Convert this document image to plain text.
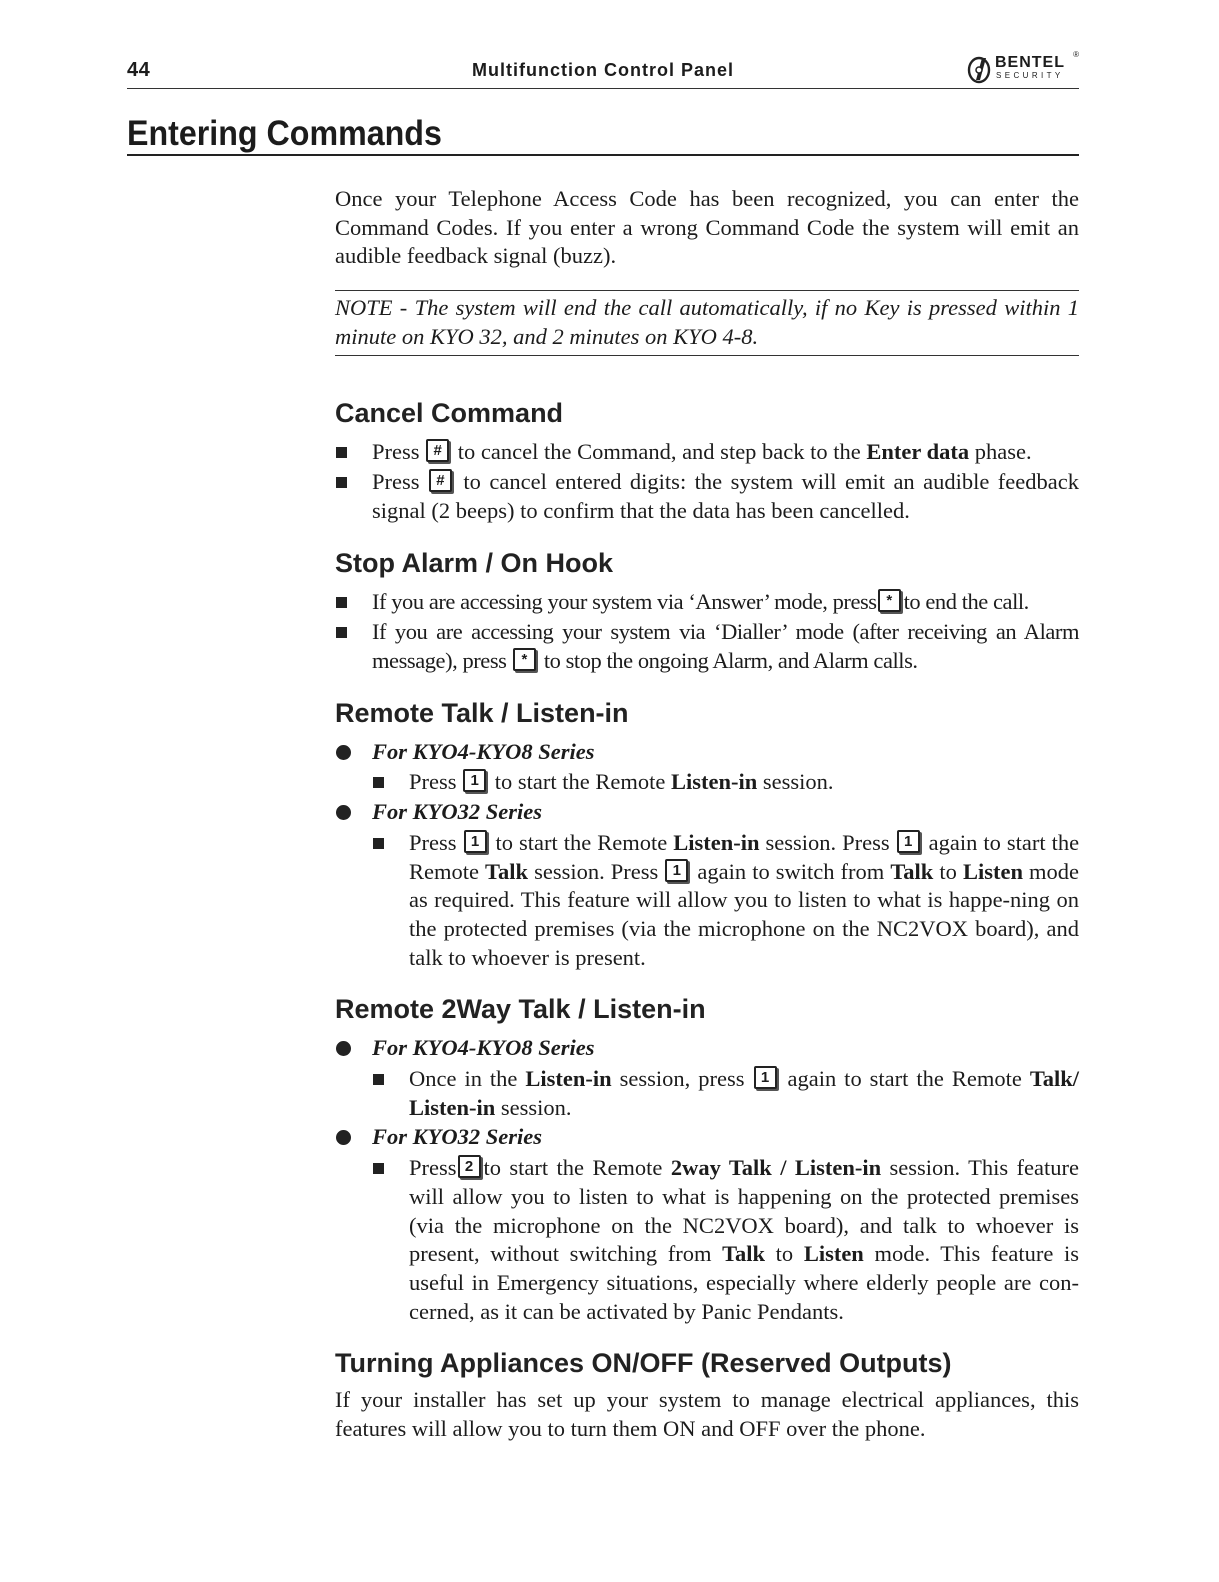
44	Multifunction Control Panel	BENTEL
SECURITY
®
Entering Commands

Once your Telephone Access Code has been recognized, you can enter the Command Codes. If you enter a wrong Command Code the system will emit an audible feedback signal (buzz).

NOTE - The system will end the call automatically, if no Key is pressed within 1 minute on KYO 32, and 2 minutes on KYO 4-8.
Cancel Command
Press # to cancel the Command, and step back to the Enter data phase.
Press # to cancel entered digits: the system will emit an audible feedback signal (2 beeps) to confirm that the data has been cancelled.
Stop Alarm / On Hook
If you are accessing your system via ‘Answer’ mode, press * to end the call.
If you are accessing your system via ‘Dialler’ mode (after receiving an Alarm message), press * to stop the ongoing Alarm, and Alarm calls.
Remote Talk / Listen-in
For KYO4-KYO8 Series
Press 1 to start the Remote Listen-in session.
For KYO32 Series
Press 1 to start the Remote Listen-in session. Press 1 again to start the Remote Talk session. Press 1 again to switch from Talk to Listen mode as required. This feature will allow you to listen to what is happe-ning on the protected premises (via the microphone on the NC2VOX board), and talk to whoever is present.
Remote 2Way Talk / Listen-in
For KYO4-KYO8 Series
Once in the Listen-in session, press 1 again to start the Remote Talk/ Listen-in session.
For KYO32 Series
Press 2 to start the Remote 2way Talk / Listen-in session. This feature will allow you to listen to what is happening on the protected premises (via the microphone on the NC2VOX board), and talk to whoever is present, without switching from Talk to Listen mode. This feature is useful in Emergency situations, especially where elderly people are con-cerned, as it can be activated by Panic Pendants.
Turning Appliances ON/OFF (Reserved Outputs)

If your installer has set up your system to manage electrical appliances, this features will allow you to turn them ON and OFF over the phone.
